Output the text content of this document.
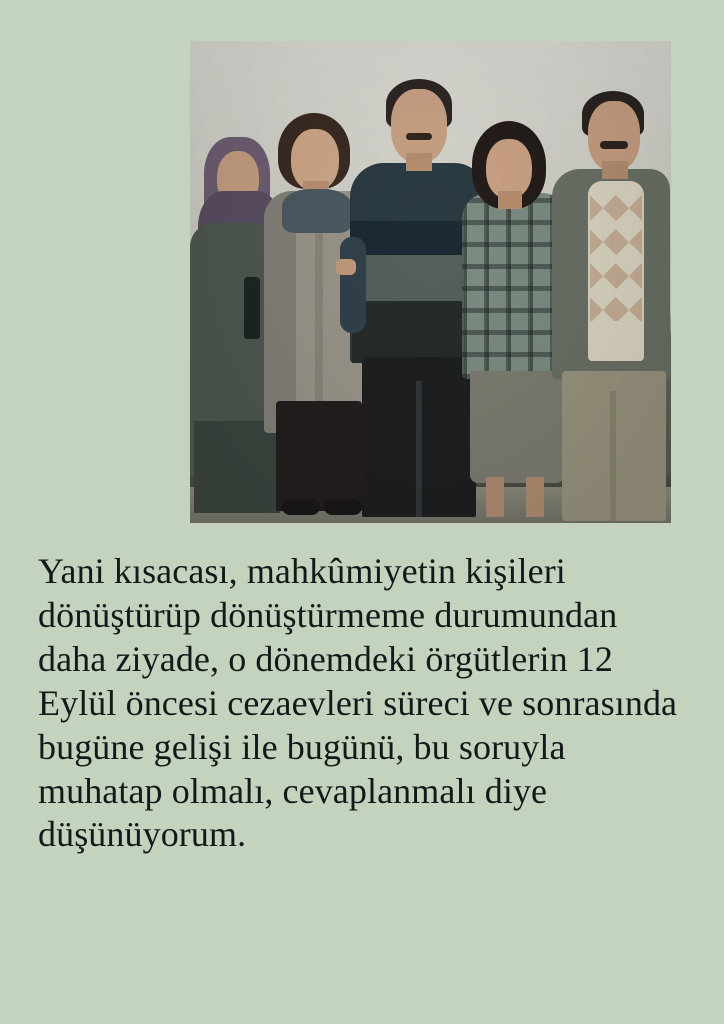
Yani kısacası, mahkûmiyetin kişileri dönüştürüp dönüştürmeme durumundan daha ziyade, o dönemdeki örgütlerin 12 Eylül öncesi cezaevleri süreci ve sonrasında bugüne gelişi ile bugünü, bu soruyla muhatap olmalı, cevaplanmalı diye düşünüyorum.
